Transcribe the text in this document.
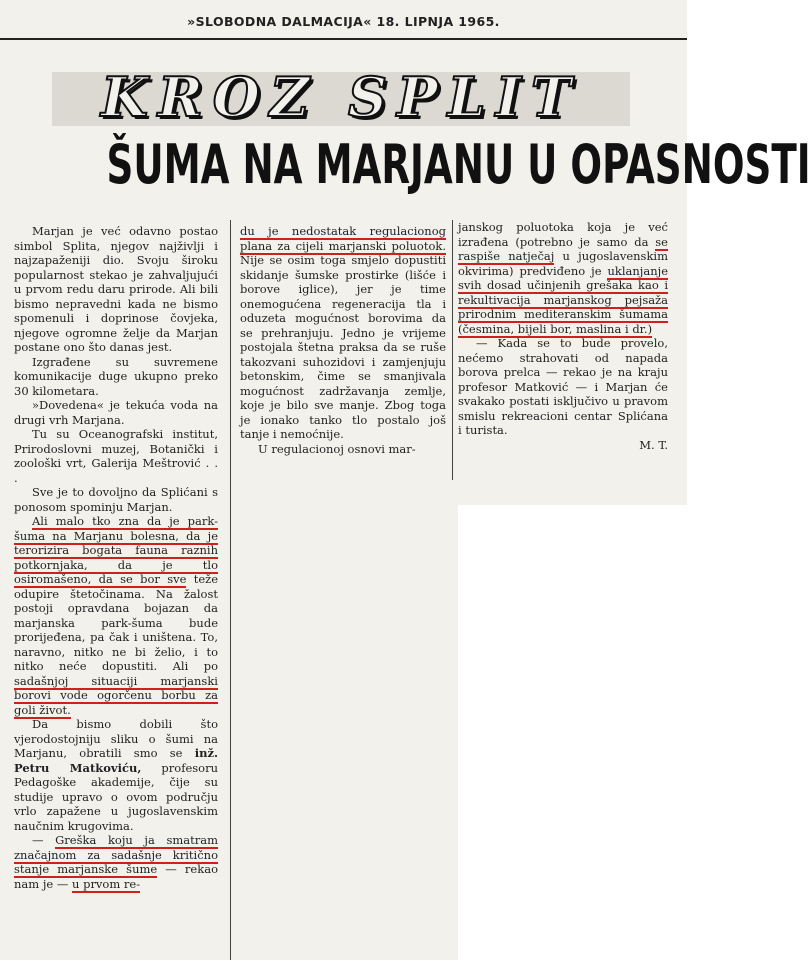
»SLOBODNA DALMACIJA« 18. LIPNJA 1965.
KROZ SPLIT
ŠUMA NA MARJANU U OPASNOSTI

Marjan je već odavno postao simbol Splita, njegov najživlji i najzapaženiji dio. Svoju široku popularnost stekao je zahvaljujući u prvom redu daru prirode. Ali bili bismo nepravedni kada ne bismo spomenuli i doprinose čovjeka, njegove ogromne želje da Marjan postane ono što danas jest.

Izgrađene su suvremene komunikacije duge ukupno preko 30 kilometara.

»Dovedena« je tekuća voda na drugi vrh Marjana.

Tu su Oceanografski institut, Prirodoslovni muzej, Botanički i zoološki vrt, Galerija Meštrović . . .

Sve je to dovoljno da Splićani s ponosom spominju Marjan.

Ali malo tko zna da je park-šuma na Marjanu bolesna, da je terorizira bogata fauna raznih potkornjaka, da je tlo osiromašeno, da se bor sve teže odupire štetočinama. Na žalost postoji opravdana bojazan da marjanska park-šuma bude prorijeđena, pa čak i uništena. To, naravno, nitko ne bi želio, i to nitko neće dopustiti. Ali po sadašnjoj situaciji marjanski borovi vode ogorčenu borbu za goli život.

Da bismo dobili što vjerodostojniju sliku o šumi na Marjanu, obratili smo se inž. Petru Matkoviću, profesoru Pedagoške akademije, čije su studije upravo o ovom području vrlo zapažene u jugoslavenskim naučnim krugovima.

— Greška koju ja smatram značajnom za sadašnje kritično stanje marjanske šume — rekao nam je — u prvom re-

du je nedostatak regulacionog plana za cijeli marjanski poluotok. Nije se osim toga smjelo dopustiti skidanje šumske prostirke (lišće i borove iglice), jer je time onemogućena regeneracija tla i oduzeta mogućnost borovima da se prehranjuju. Jedno je vrijeme postojala štetna praksa da se ruše takozvani suhozidovi i zamjenjuju betonskim, čime se smanjivala mogućnost zadržavanja zemlje, koje je bilo sve manje. Zbog toga je ionako tanko tlo postalo još tanje i nemoćnije.

U regulacionoj osnovi mar-

janskog poluotoka koja je već izrađena (potrebno je samo da se raspiše natječaj u jugoslavenskim okvirima) predviđeno je uklanjanje svih dosad učinjenih grešaka kao i rekultivacija marjanskog pejsaža prirodnim mediteranskim šumama (česmina, bijeli bor, maslina i dr.)

— Kada se to bude provelo, nećemo strahovati od napada borova prelca — rekao je na kraju profesor Matković — i Marjan će svakako postati isključivo u pravom smislu rekreacioni centar Splićana i turista.

M. T.
